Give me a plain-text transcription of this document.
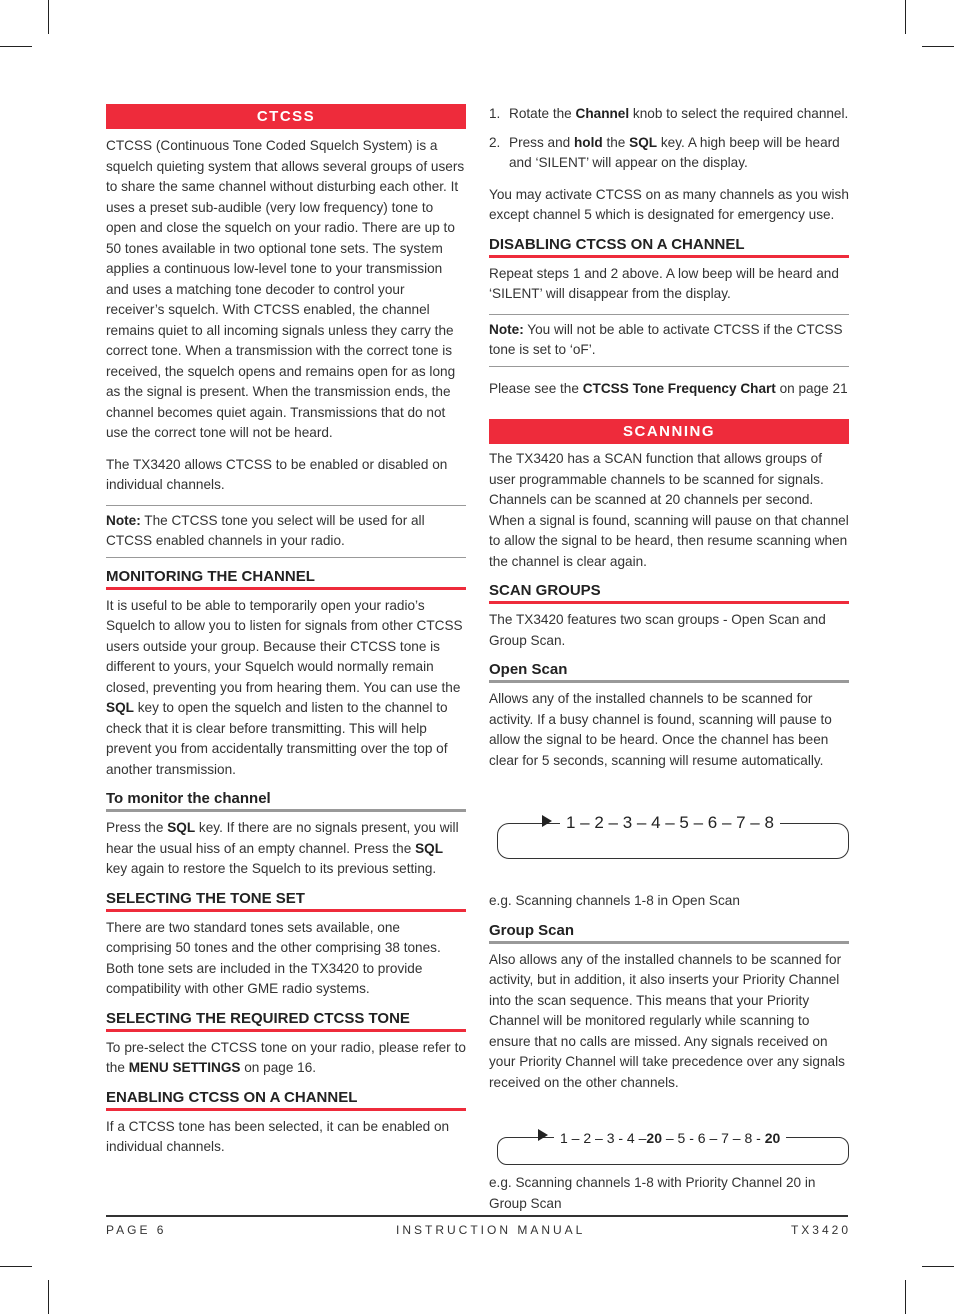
CTCSS

CTCSS (Continuous Tone Coded Squelch System) is a squelch quieting system that allows several groups of users to share the same channel without disturbing each other. It uses a preset sub-audible (very low frequency) tone to open and close the squelch on your radio. There are up to 50 tones available in two optional tone sets. The system applies a continuous low-level tone to your transmission and uses a matching tone decoder to control your receiver’s squelch. With CTCSS enabled, the channel remains quiet to all incoming signals unless they carry the correct tone. When a transmission with the correct tone is received, the squelch opens and remains open for as long as the signal is present. When the transmission ends, the channel becomes quiet again. Transmissions that do not use the correct tone will not be heard.

The TX3420 allows CTCSS to be enabled or disabled on individual channels.

Note: The CTCSS tone you select will be used for all CTCSS enabled channels in your radio.

MONITORING THE CHANNEL

It is useful to be able to temporarily open your radio’s Squelch to allow you to listen for signals from other CTCSS users outside your group. Because their CTCSS tone is different to yours, your Squelch would normally remain closed, preventing you from hearing them. You can use the SQL key to open the squelch and listen to the channel to check that it is clear before transmitting. This will help prevent you from accidentally transmitting over the top of another transmission.

To monitor the channel

Press the SQL key. If there are no signals present, you will hear the usual hiss of an empty channel. Press the SQL key again to restore the Squelch to its previous setting.

SELECTING THE TONE SET

There are two standard tones sets available, one comprising 50 tones and the other comprising 38 tones. Both tone sets are included in the TX3420 to provide compatibility with other GME radio systems.

SELECTING THE REQUIRED CTCSS TONE

To pre-select the CTCSS tone on your radio, please refer to the MENU SETTINGS on page 16.

ENABLING CTCSS ON A CHANNEL

If a CTCSS tone has been selected, it can be enabled on individual channels.

1. Rotate the Channel knob to select the required channel.
2. Press and hold the SQL key. A high beep will be heard and ‘SILENT’ will appear on the display.

You may activate CTCSS on as many channels as you wish except channel 5 which is designated for emergency use.

DISABLING CTCSS ON A CHANNEL

Repeat steps 1 and 2 above. A low beep will be heard and ‘SILENT’ will disappear from the display.

Note: You will not be able to activate CTCSS if the CTCSS tone is set to ‘oF’.

Please see the CTCSS Tone Frequency Chart on page 21

SCANNING

The TX3420 has a SCAN function that allows groups of user programmable channels to be scanned for signals. Channels can be scanned at 20 channels per second. When a signal is found, scanning will pause on that channel to allow the signal to be heard, then resume scanning when the channel is clear again.

SCAN GROUPS

The TX3420 features two scan groups - Open Scan and Group Scan.

Open Scan

Allows any of the installed channels to be scanned for activity. If a busy channel is found, scanning will pause to allow the signal to be heard. Once the channel has been clear for 5 seconds, scanning will resume automatically.

1 – 2 – 3 – 4 – 5 – 6 – 7 – 8

e.g. Scanning channels 1-8 in Open Scan

Group Scan

Also allows any of the installed channels to be scanned for activity, but in addition, it also inserts your Priority Channel into the scan sequence. This means that your Priority Channel will be monitored regularly while scanning to ensure that no calls are missed. Any signals received on your Priority Channel will take precedence over any signals received on the other channels.

1 – 2 – 3 - 4 –20 – 5 - 6 – 7 – 8 - 20

e.g. Scanning channels 1-8 with Priority Channel 20 in Group Scan

PAGE 6	INSTRUCTION MANUAL	TX3420
